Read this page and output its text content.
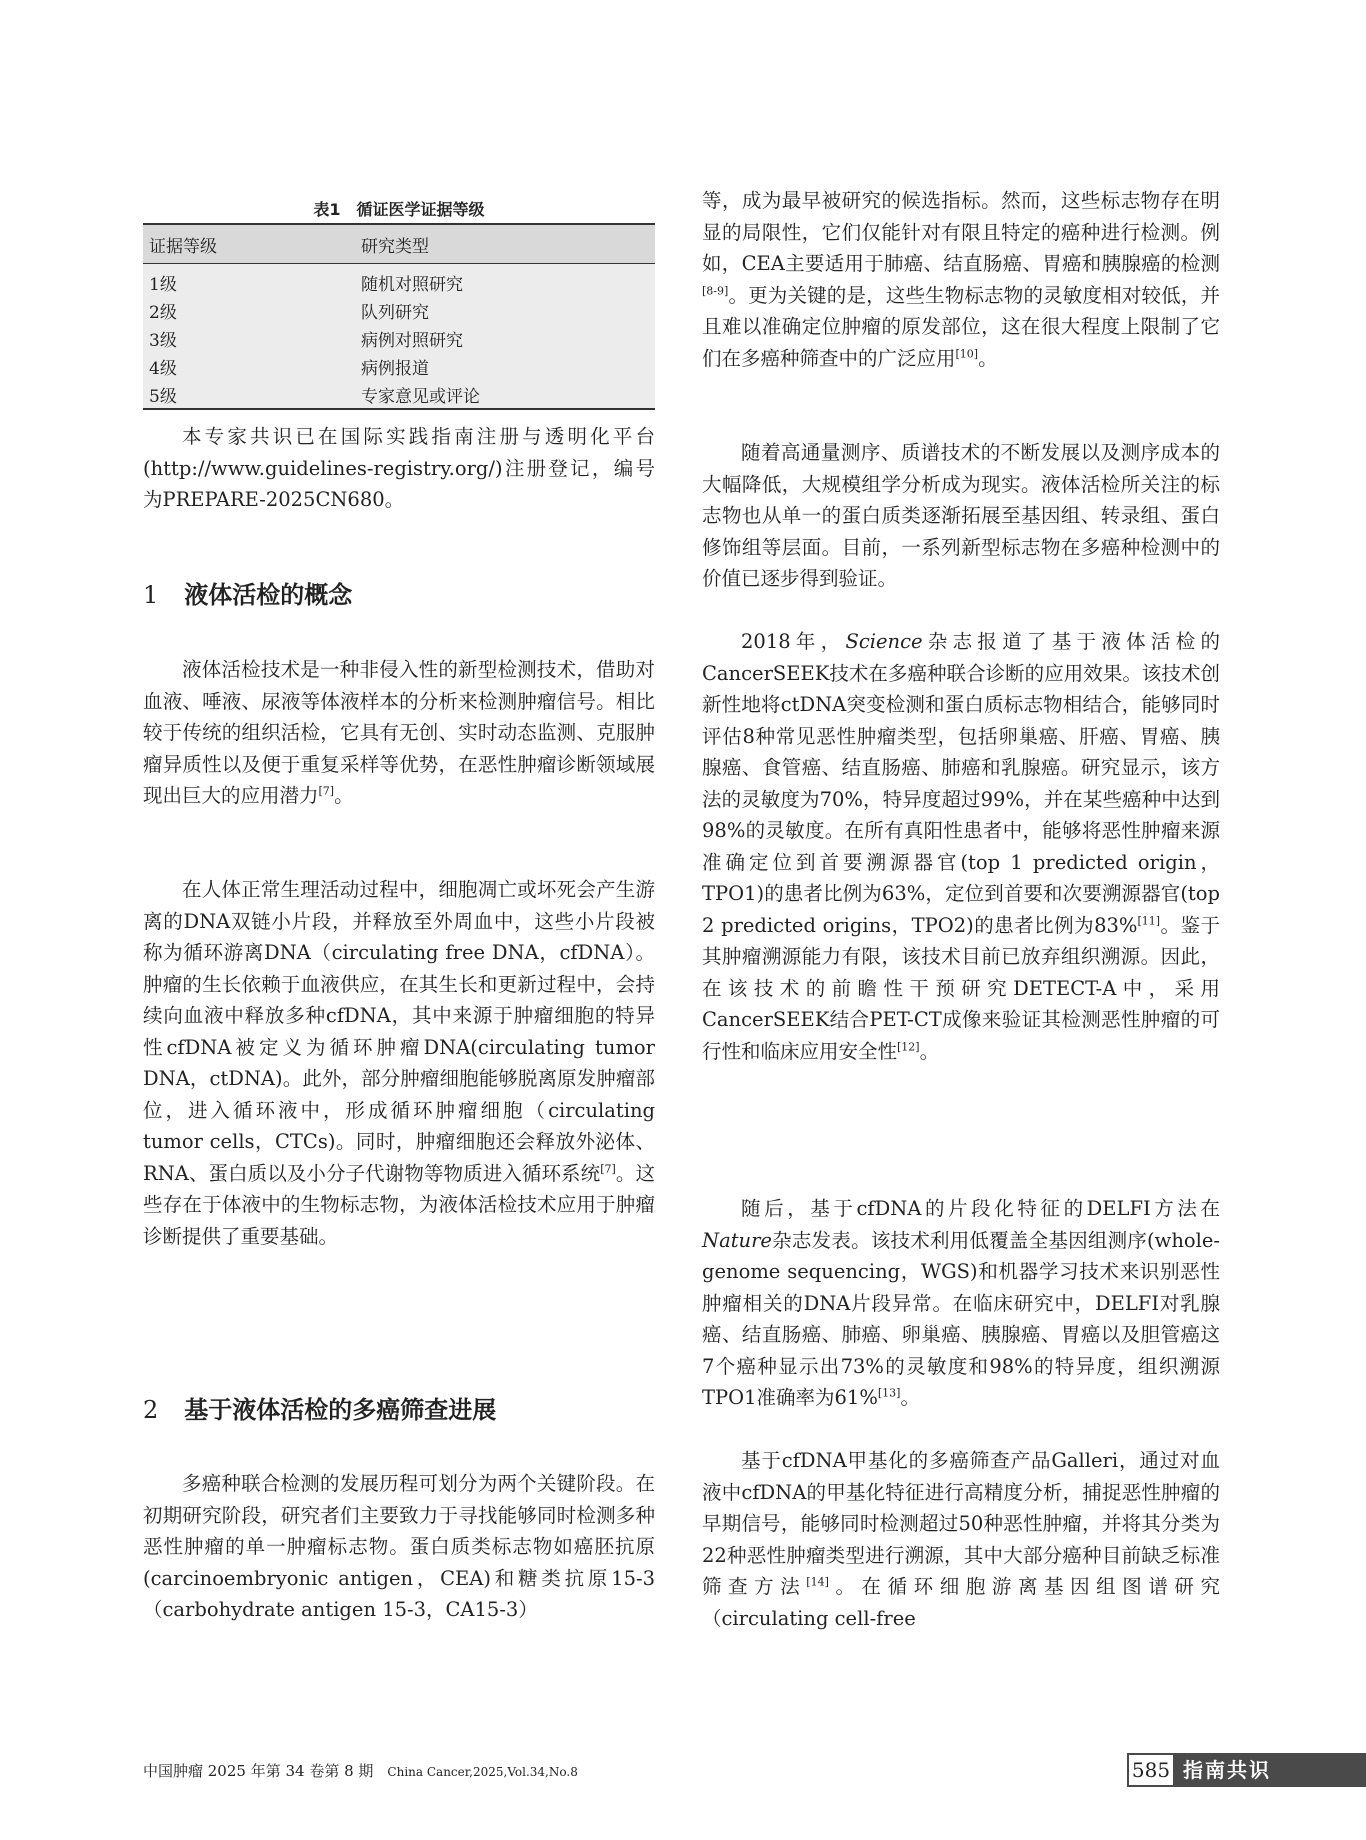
表1　循证医学证据等级
证据等级	研究类型
1级	随机对照研究
2级	队列研究
3级	病例对照研究
4级	病例报道
5级	专家意见或评论

本专家共识已在国际实践指南注册与透明化平台(http://www.guidelines-registry.org/)注册登记，编号为PREPARE-2025CN680。

1 液体活检的概念

液体活检技术是一种非侵入性的新型检测技术，借助对血液、唾液、尿液等体液样本的分析来检测肿瘤信号。相比较于传统的组织活检，它具有无创、实时动态监测、克服肿瘤异质性以及便于重复采样等优势，在恶性肿瘤诊断领域展现出巨大的应用潜力[7]。

在人体正常生理活动过程中，细胞凋亡或坏死会产生游离的DNA双链小片段，并释放至外周血中，这些小片段被称为循环游离DNA（circulating free DNA，cfDNA）。肿瘤的生长依赖于血液供应，在其生长和更新过程中，会持续向血液中释放多种cfDNA，其中来源于肿瘤细胞的特异性cfDNA被定义为循环肿瘤DNA(circulating tumor DNA，ctDNA)。此外，部分肿瘤细胞能够脱离原发肿瘤部位，进入循环液中，形成循环肿瘤细胞（circulating tumor cells，CTCs)。同时，肿瘤细胞还会释放外泌体、RNA、蛋白质以及小分子代谢物等物质进入循环系统[7]。这些存在于体液中的生物标志物，为液体活检技术应用于肿瘤诊断提供了重要基础。

2 基于液体活检的多癌筛查进展

多癌种联合检测的发展历程可划分为两个关键阶段。在初期研究阶段，研究者们主要致力于寻找能够同时检测多种恶性肿瘤的单一肿瘤标志物。蛋白质类标志物如癌胚抗原(carcinoembryonic antigen，CEA)和糖类抗原15-3（carbohydrate antigen 15-3，CA15-3）

等，成为最早被研究的候选指标。然而，这些标志物存在明显的局限性，它们仅能针对有限且特定的癌种进行检测。例如，CEA主要适用于肺癌、结直肠癌、胃癌和胰腺癌的检测[8-9]。更为关键的是，这些生物标志物的灵敏度相对较低，并且难以准确定位肿瘤的原发部位，这在很大程度上限制了它们在多癌种筛查中的广泛应用[10]。

随着高通量测序、质谱技术的不断发展以及测序成本的大幅降低，大规模组学分析成为现实。液体活检所关注的标志物也从单一的蛋白质类逐渐拓展至基因组、转录组、蛋白修饰组等层面。目前，一系列新型标志物在多癌种检测中的价值已逐步得到验证。

2018年，Science杂志报道了基于液体活检的CancerSEEK技术在多癌种联合诊断的应用效果。该技术创新性地将ctDNA突变检测和蛋白质标志物相结合，能够同时评估8种常见恶性肿瘤类型，包括卵巢癌、肝癌、胃癌、胰腺癌、食管癌、结直肠癌、肺癌和乳腺癌。研究显示，该方法的灵敏度为70%，特异度超过99%，并在某些癌种中达到98%的灵敏度。在所有真阳性患者中，能够将恶性肿瘤来源准确定位到首要溯源器官(top 1 predicted origin，TPO1)的患者比例为63%，定位到首要和次要溯源器官(top 2 predicted origins，TPO2)的患者比例为83%[11]。鉴于其肿瘤溯源能力有限，该技术目前已放弃组织溯源。因此，在该技术的前瞻性干预研究DETECT-A中，采用CancerSEEK结合PET-CT成像来验证其检测恶性肿瘤的可行性和临床应用安全性[12]。

随后，基于cfDNA的片段化特征的DELFI方法在Nature杂志发表。该技术利用低覆盖全基因组测序(whole-genome sequencing，WGS)和机器学习技术来识别恶性肿瘤相关的DNA片段异常。在临床研究中，DELFI对乳腺癌、结直肠癌、肺癌、卵巢癌、胰腺癌、胃癌以及胆管癌这7个癌种显示出73%的灵敏度和98%的特异度，组织溯源TPO1准确率为61%[13]。

基于cfDNA甲基化的多癌筛查产品Galleri，通过对血液中cfDNA的甲基化特征进行高精度分析，捕捉恶性肿瘤的早期信号，能够同时检测超过50种恶性肿瘤，并将其分类为22种恶性肿瘤类型进行溯源，其中大部分癌种目前缺乏标准筛查方法[14]。在循环细胞游离基因组图谱研究（circulating cell-free

中国肿瘤 2025 年第 34 卷第 8 期 China Cancer,2025,Vol.34,No.8	585 指南共识
